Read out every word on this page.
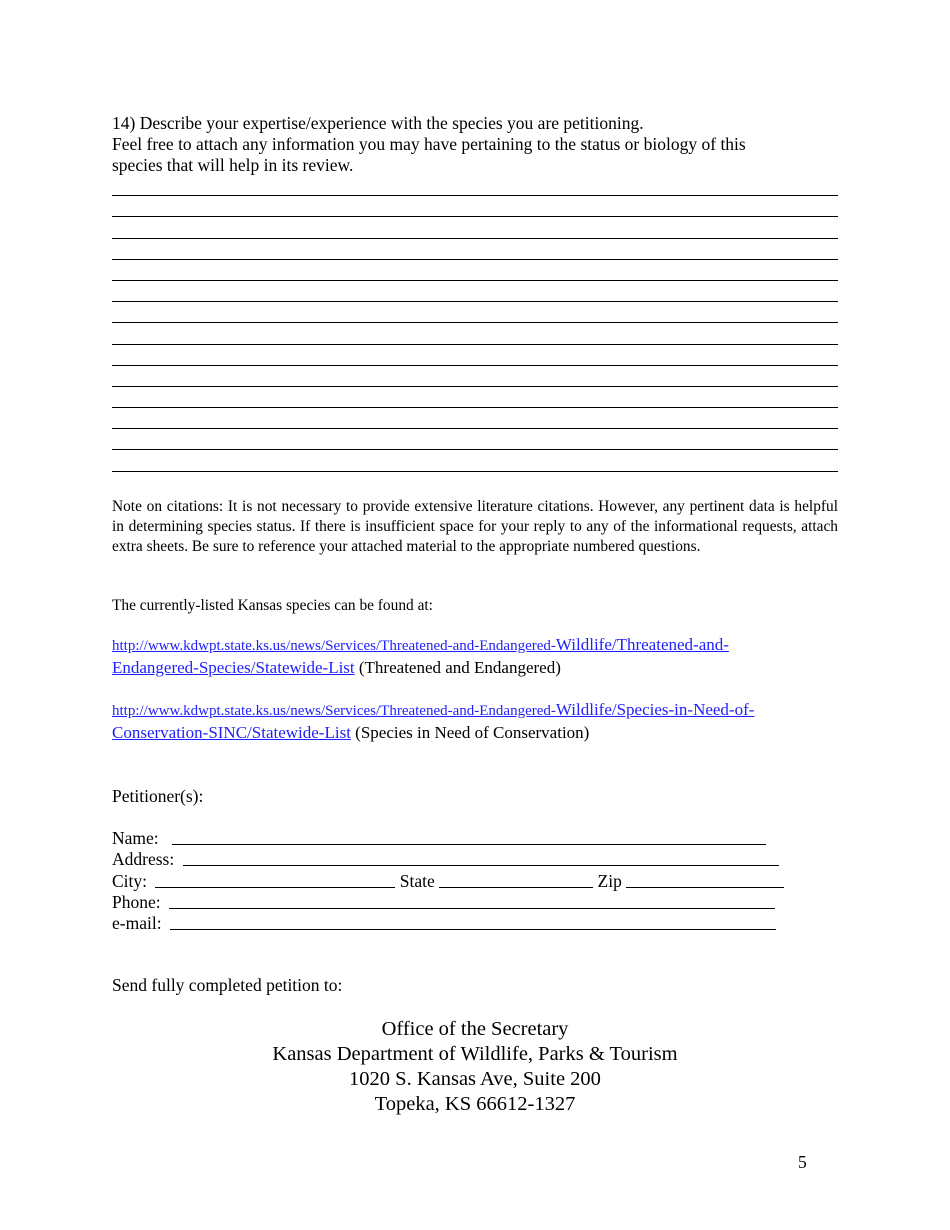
14) Describe your expertise/experience with the species you are petitioning.
Feel free to attach any information you may have pertaining to the status or biology of this
species that will help in its review.
Note on citations: It is not necessary to provide extensive literature citations. However, any pertinent data is helpful in determining species status. If there is insufficient space for your reply to any of the informational requests, attach extra sheets. Be sure to reference your attached material to the appropriate numbered questions.
The currently-listed Kansas species can be found at:
http://www.kdwpt.state.ks.us/news/Services/Threatened-and-Endangered-Wildlife/Threatened-and-
Endangered-Species/Statewide-List (Threatened and Endangered)
http://www.kdwpt.state.ks.us/news/Services/Threatened-and-Endangered-Wildlife/Species-in-Need-of-
Conservation-SINC/Statewide-List (Species in Need of Conservation)
Petitioner(s):
Name:
Address:
City:	State	Zip
Phone:
e-mail:
Send fully completed petition to:
Office of the Secretary
Kansas Department of Wildlife, Parks & Tourism
1020 S. Kansas Ave, Suite 200
Topeka, KS 66612-1327
5
